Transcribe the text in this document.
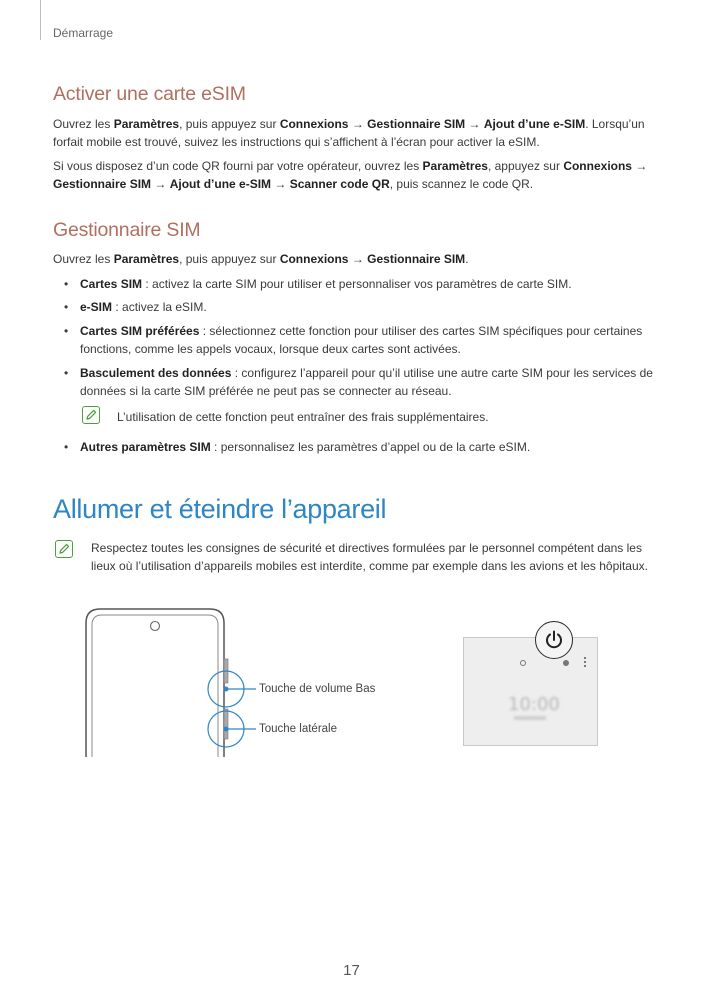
Démarrage
Activer une carte eSIM

Ouvrez les Paramètres, puis appuyez sur Connexions → Gestionnaire SIM → Ajout d’une e-SIM. Lorsqu’un forfait mobile est trouvé, suivez les instructions qui s’affichent à l’écran pour activer la eSIM.

Si vous disposez d’un code QR fourni par votre opérateur, ouvrez les Paramètres, appuyez sur Connexions → Gestionnaire SIM → Ajout d’une e-SIM → Scanner code QR, puis scannez le code QR.

Gestionnaire SIM

Ouvrez les Paramètres, puis appuyez sur Connexions → Gestionnaire SIM.

• Cartes SIM : activez la carte SIM pour utiliser et personnaliser vos paramètres de carte SIM.
• e-SIM : activez la eSIM.
• Cartes SIM préférées : sélectionnez cette fonction pour utiliser des cartes SIM spécifiques pour certaines fonctions, comme les appels vocaux, lorsque deux cartes sont activées.
• Basculement des données : configurez l’appareil pour qu’il utilise une autre carte SIM pour les services de données si la carte SIM préférée ne peut pas se connecter au réseau.
L’utilisation de cette fonction peut entraîner des frais supplémentaires.
• Autres paramètres SIM : personnalisez les paramètres d’appel ou de la carte eSIM.
Allumer et éteindre l’appareil
Respectez toutes les consignes de sécurité et directives formulées par le personnel compétent dans les lieux où l’utilisation d’appareils mobiles est interdite, comme par exemple dans les avions et les hôpitaux.
Touche de volume Bas
Touche latérale
10:00
17
